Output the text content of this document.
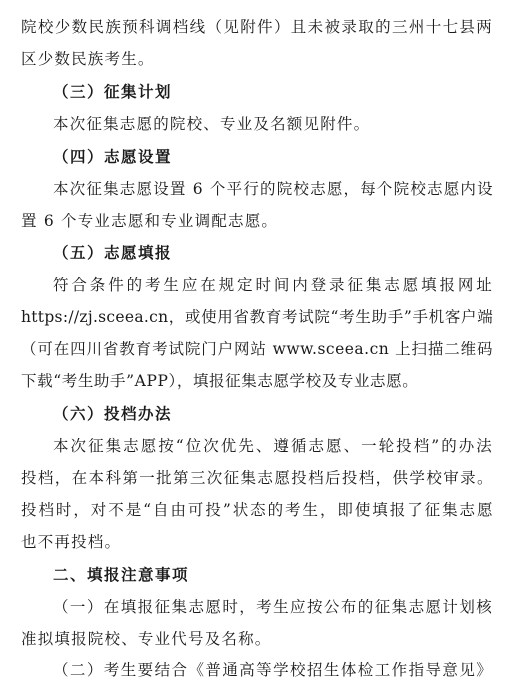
院校少数民族预科调档线（见附件）且未被录取的三州十七县两
区少数民族考生。
（三）征集计划
本次征集志愿的院校、专业及名额见附件。
（四）志愿设置
本次征集志愿设置 6 个平行的院校志愿，每个院校志愿内设
置 6 个专业志愿和专业调配志愿。
（五）志愿填报
符合条件的考生应在规定时间内登录征集志愿填报网址
https://zj.sceea.cn，或使用省教育考试院“考生助手”手机客户端
（可在四川省教育考试院门户网站 www.sceea.cn 上扫描二维码
下载“考生助手”APP），填报征集志愿学校及专业志愿。
（六）投档办法
本次征集志愿按“位次优先、遵循志愿、一轮投档”的办法
投档，在本科第一批第三次征集志愿投档后投档，供学校审录。
投档时，对不是“自由可投”状态的考生，即使填报了征集志愿
也不再投档。
二、填报注意事项
（一）在填报征集志愿时，考生应按公布的征集志愿计划核
准拟填报院校、专业代号及名称。
（二）考生要结合《普通高等学校招生体检工作指导意见》
